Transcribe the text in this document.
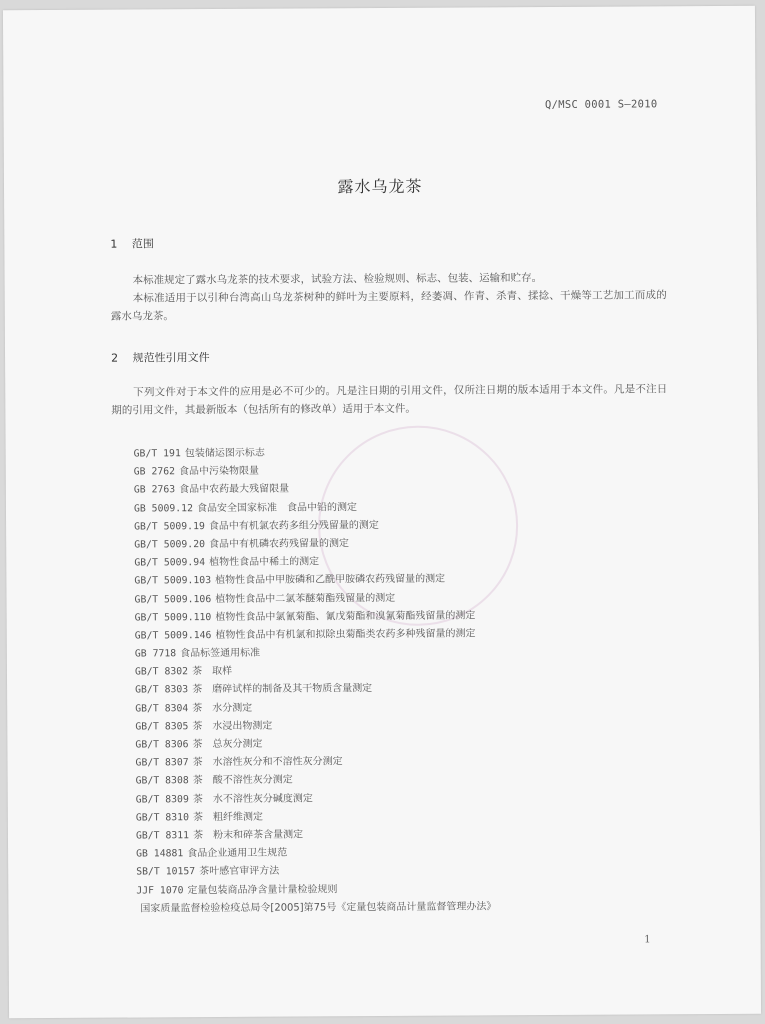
Q/MSC 0001 S—2010
露水乌龙茶
1 范围
本标准规定了露水乌龙茶的技术要求，试验方法、检验规则、标志、包装、运输和贮存。
本标准适用于以引种台湾高山乌龙茶树种的鲜叶为主要原料，经萎凋、作青、杀青、揉捻、干燥等工艺加工而成的露水乌龙茶。
2 规范性引用文件
下列文件对于本文件的应用是必不可少的。凡是注日期的引用文件，仅所注日期的版本适用于本文件。凡是不注日期的引用文件，其最新版本（包括所有的修改单）适用于本文件。
GB/T 191 包装储运图示标志
GB 2762 食品中污染物限量
GB 2763 食品中农药最大残留限量
GB 5009.12 食品安全国家标准　食品中铅的测定
GB/T 5009.19 食品中有机氯农药多组分残留量的测定
GB/T 5009.20 食品中有机磷农药残留量的测定
GB/T 5009.94 植物性食品中稀土的测定
GB/T 5009.103 植物性食品中甲胺磷和乙酰甲胺磷农药残留量的测定
GB/T 5009.106 植物性食品中二氯苯醚菊酯残留量的测定
GB/T 5009.110 植物性食品中氯氰菊酯、氰戊菊酯和溴氰菊酯残留量的测定
GB/T 5009.146 植物性食品中有机氯和拟除虫菊酯类农药多种残留量的测定
GB 7718 食品标签通用标准
GB/T 8302 茶　取样
GB/T 8303 茶　磨碎试样的制备及其干物质含量测定
GB/T 8304 茶　水分测定
GB/T 8305 茶　水浸出物测定
GB/T 8306 茶　总灰分测定
GB/T 8307 茶　水溶性灰分和不溶性灰分测定
GB/T 8308 茶　酸不溶性灰分测定
GB/T 8309 茶　水不溶性灰分碱度测定
GB/T 8310 茶　粗纤维测定
GB/T 8311 茶　粉末和碎茶含量测定
GB 14881 食品企业通用卫生规范
SB/T 10157 茶叶感官审评方法
JJF 1070 定量包装商品净含量计量检验规则
国家质量监督检验检疫总局令[2005]第75号《定量包装商品计量监督管理办法》
1
